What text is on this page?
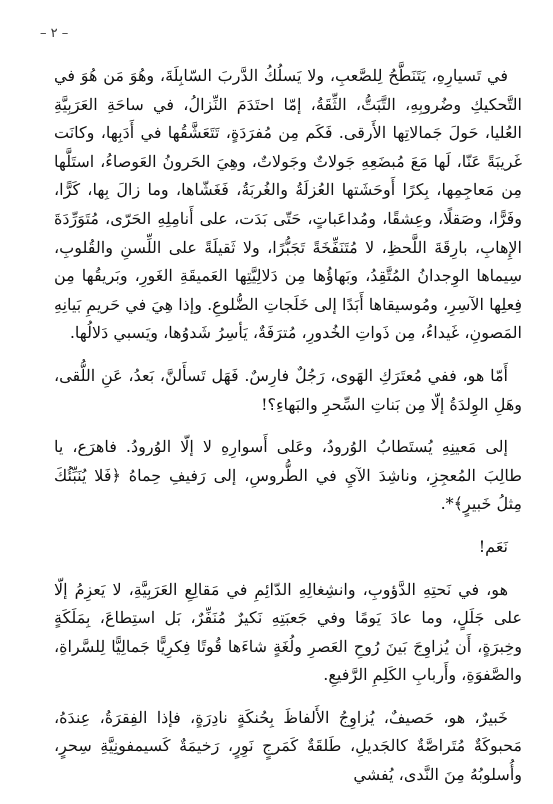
– ٢ –

في تَسيارِهِ، يَتَنَطَّحُ لِلصَّعبِ، ولا يَسلُكُ الدَّربَ السّابِلَةَ، وهُوَ مَن هُوَ في التَّحكيكِ وضُروبِهِ، التَّبَتُّ، الثِّقَةُ، إمّا احتَدَمَ النِّزالُ، في ساحَةِ العَرَبِيَّةِ العُليا، حَولَ جَمالاتِها الأَرقى. فَكَم مِن مُفرَدَةٍ، تَتَعَشَّقُها في أَدَبِها، وكانَت غَريبَةً عَنّا، لَها مَعَ مُبضَعِهِ جَولاتٌ وجَولاتٌ، وهِيَ الحَرونُ العَوصاءُ، استَلَّها مِن مَعاجِمِها، بِكرًا أَوحَشَتها العُزلَةُ والغُربَةُ، فَغَشّاها، وما زالَ بِها، كَرًّا، وفَرًّا، وصَقلًا، وعِشقًا، ومُداعَباتٍ، حَتّى بَدَت، على أَنامِلِهِ الحَرّى، مُتَوَرِّدَةَ الإِهابِ، بارِقَةَ اللَّحظِ، لا مُتَنَفِّخَةً تَجَبُّرًا، ولا ثَقيلَةً على اللِّسنِ والقُلوبِ، سِيماها الوِجدانُ المُتَّقِدُ، وبَهاؤُها مِن دَلالِيَّتِها العَميقَةِ الغَورِ، وبَريقُها مِن فِعلِها الآسِرِ، ومُوسيقاها أَبَدًا إلى خَلَجاتِ الضُّلوعِ. وإذا هِيَ في حَريمِ بَيانِهِ المَصونِ، غَيداءُ، مِن ذَواتِ الخُدورِ، مُترَفَةٌ، يَأسِرُ شَدوُها، ويَسبي دَلالُها.

أَمّا هو، ففي مُعتَرَكِ الهَوى، رَجُلٌ فارِسٌ. فَهَل تَسأَلنَّ، بَعدُ، عَنِ اللُّقى، وهَلِ الوِلدَةُ إلّا مِن بَناتِ السِّحرِ والبَهاءِ؟!

إلى مَعينِهِ يُستَطابُ الوُرودُ، وعَلى أَسوارِهِ لا إلّا الوُرودُ. فاهرَع، يا طالِبَ المُعجِزِ، وناشِدَ الآيِ في الطُّروسِ، إلى رَفيفِ حِماهُ ﴿فَلا يُنَبِّئُكَ مِثلُ خَبيرٍ﴾*.

نَعَم!

هو، في نَحتِهِ الدَّؤوبِ، وانشِغالِهِ الدّائِمِ في مَقالِعِ العَرَبِيَّةِ، لا يَعزِمُ إلّا على جَلَلٍ، وما عادَ يَومًا وفي جَعبَتِهِ نَكيرٌ مُنَفِّرٌ، بَل استِطاعَ، بِمَلَكَةٍ وخِبرَةٍ، أَن يُزاوِجَ بَينَ رُوحِ العَصرِ ولُغَةٍ شاءَها قُوتًا فِكرِيًّا جَمالِيًّا لِلسَّراةِ، والصَّفوَةِ، وأَربابِ الكَلِمِ الرَّفيعِ.

خَبيرٌ، هو، حَصيفٌ، يُزاوِجُ الأَلفاظَ بِحُنكَةٍ نادِرَةٍ، فإذا الفِقرَةُ، عِندَهُ، مَحبوكَةٌ مُتَراصَّةٌ كالجَديلِ، طَلقَةٌ كَمَرجٍ نَوِرٍ، رَخيمَةٌ كَسيمفونِيَّةِ سِحرٍ، وأُسلوبُهُ مِنَ النَّدى، يُفشي
